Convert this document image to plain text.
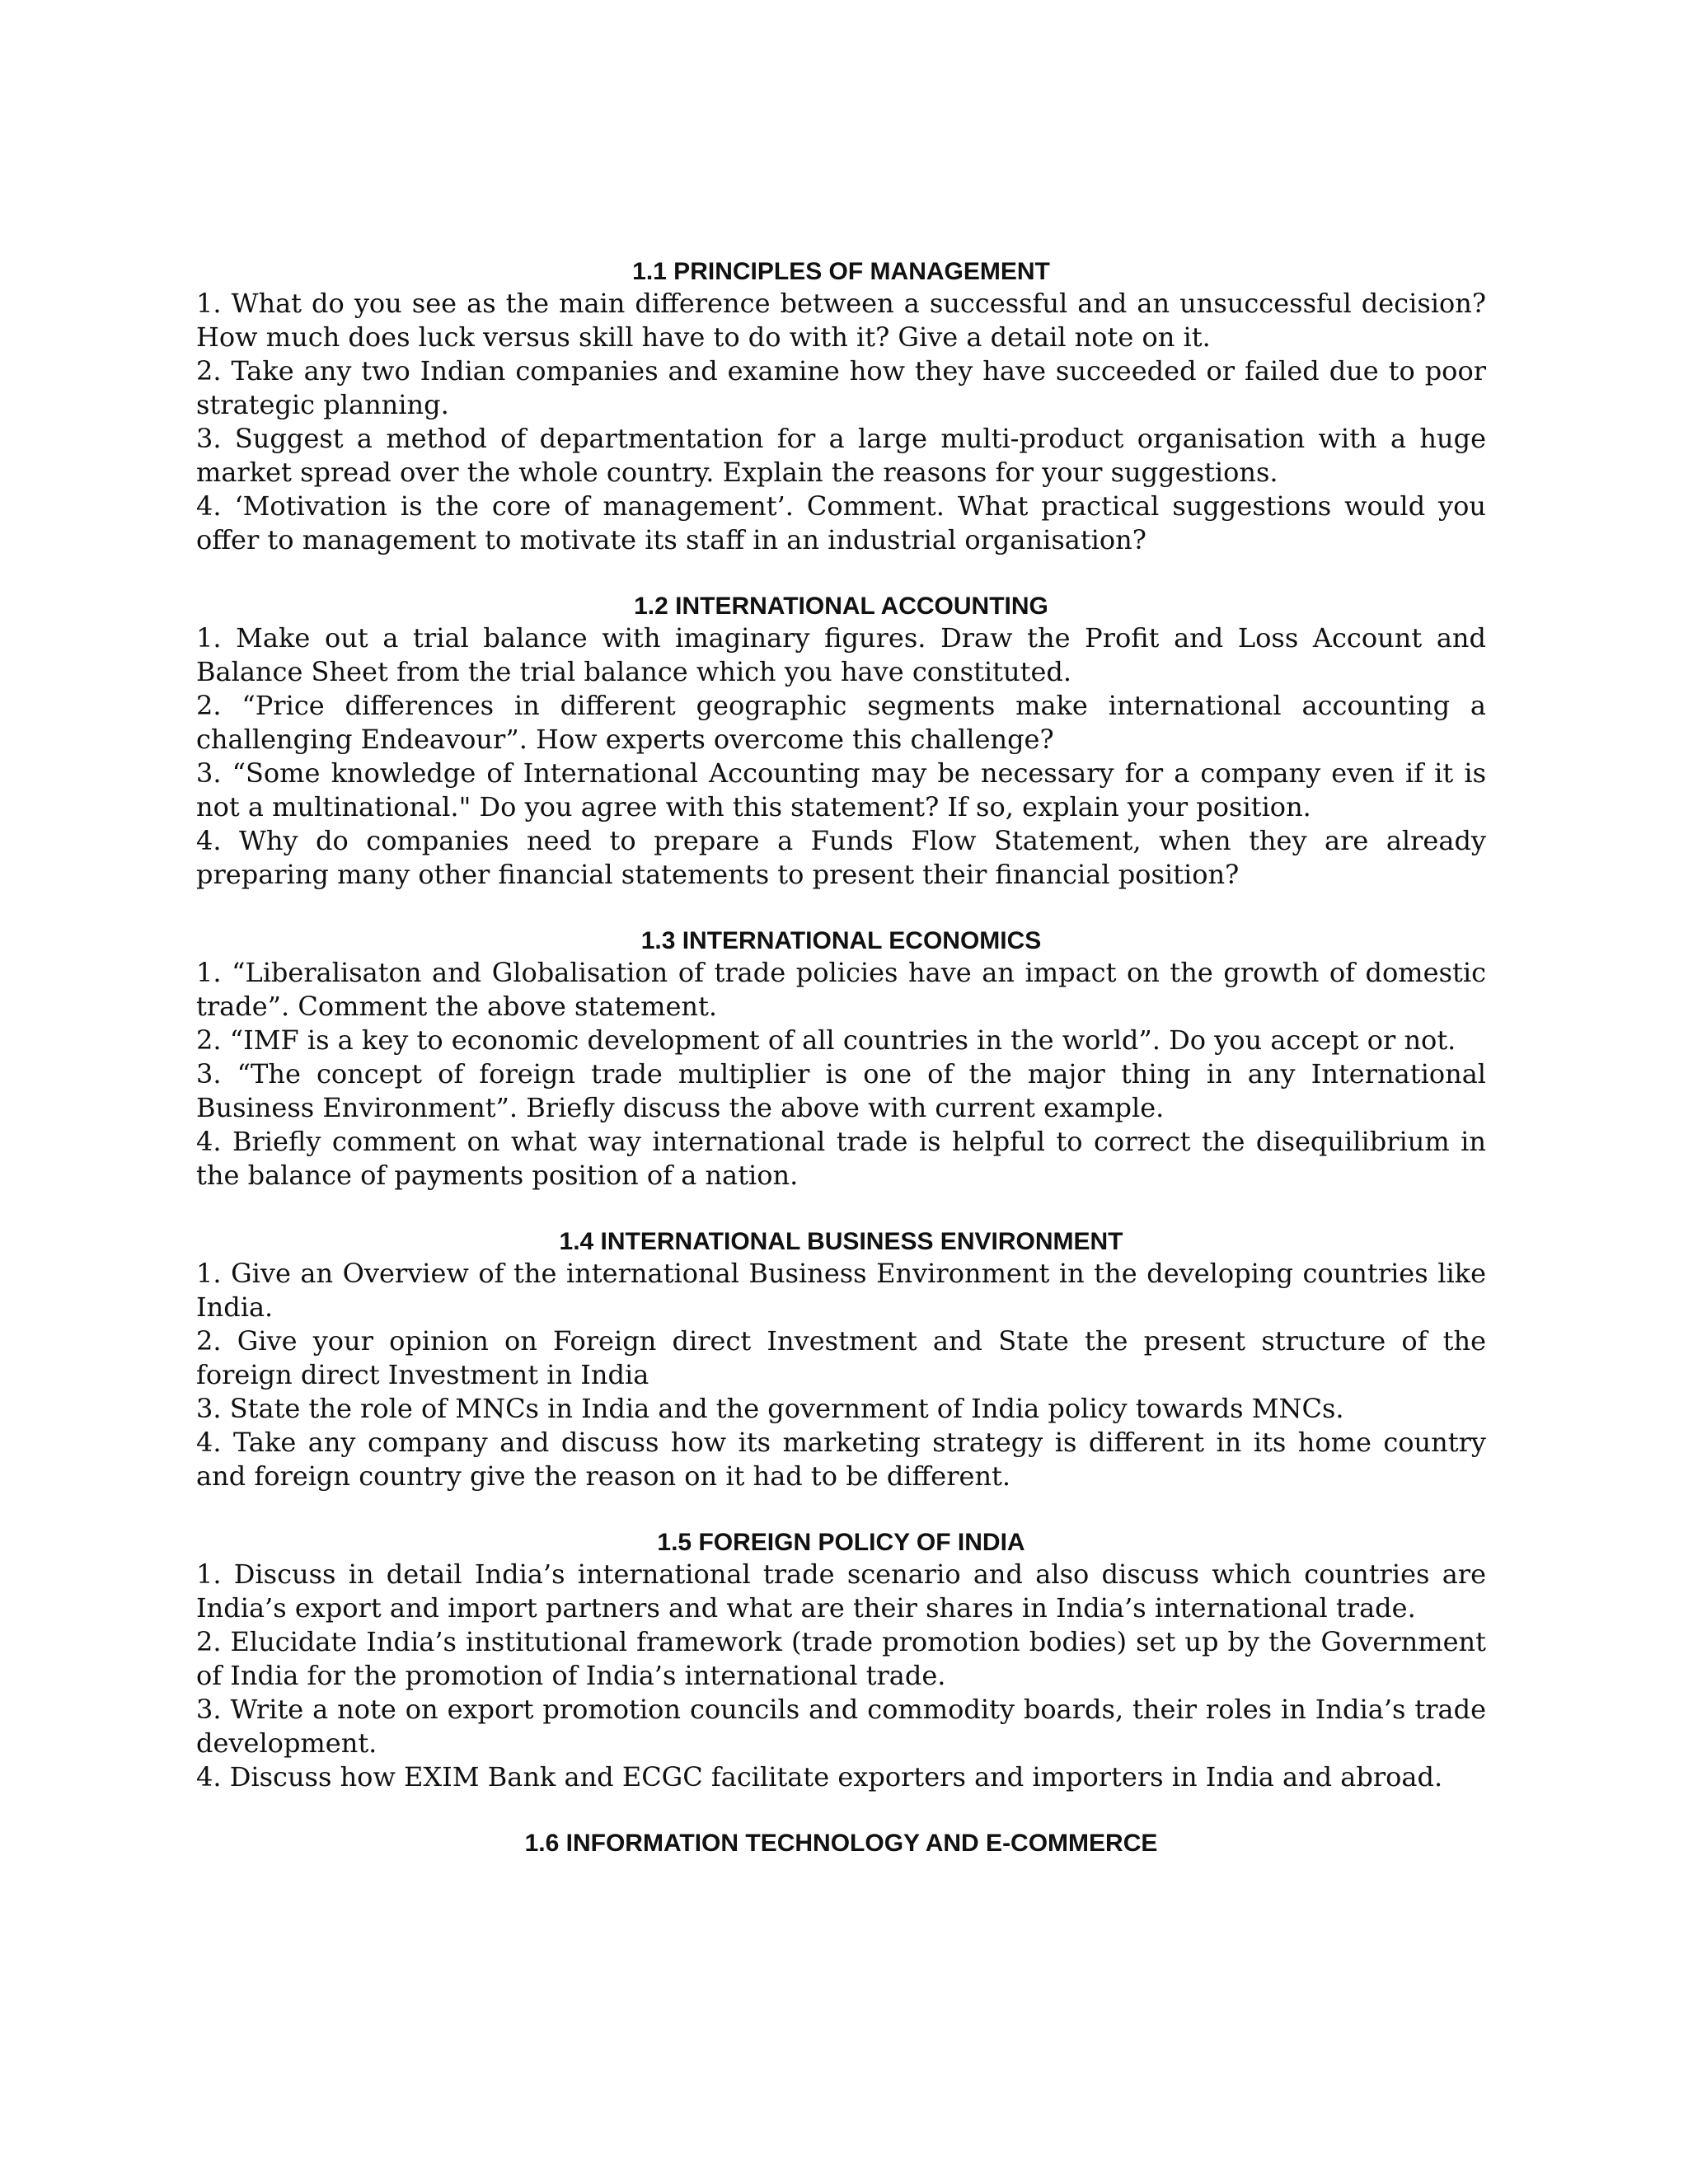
1.1 PRINCIPLES OF MANAGEMENT

1. What do you see as the main difference between a successful and an unsuccessful decision? How much does luck versus skill have to do with it? Give a detail note on it.

2. Take any two Indian companies and examine how they have succeeded or failed due to poor strategic planning.

3. Suggest a method of departmentation for a large multi-product organisation with a huge market spread over the whole country. Explain the reasons for your suggestions.

4. ‘Motivation is the core of management’. Comment. What practical suggestions would you offer to management to motivate its staff in an industrial organisation?

1.2 INTERNATIONAL ACCOUNTING

1. Make out a trial balance with imaginary figures. Draw the Profit and Loss Account and Balance Sheet from the trial balance which you have constituted.

2. “Price differences in different geographic segments make international accounting a challenging Endeavour”. How experts overcome this challenge?

3. “Some knowledge of International Accounting may be necessary for a company even if it is not a multinational." Do you agree with this statement? If so, explain your position.

4. Why do companies need to prepare a Funds Flow Statement, when they are already preparing many other financial statements to present their financial position?

1.3 INTERNATIONAL ECONOMICS

1. “Liberalisaton and Globalisation of trade policies have an impact on the growth of domestic trade”. Comment the above statement.

2. “IMF is a key to economic development of all countries in the world”. Do you accept or not.

3. “The concept of foreign trade multiplier is one of the major thing in any International Business Environment”. Briefly discuss the above with current example.

4. Briefly comment on what way international trade is helpful to correct the disequilibrium in the balance of payments position of a nation.

1.4 INTERNATIONAL BUSINESS ENVIRONMENT

1. Give an Overview of the international Business Environment in the developing countries like India.

2. Give your opinion on Foreign direct Investment and State the present structure of the foreign direct Investment in India

3. State the role of MNCs in India and the government of India policy towards MNCs.

4. Take any company and discuss how its marketing strategy is different in its home country and foreign country give the reason on it had to be different.

1.5 FOREIGN POLICY OF INDIA

1. Discuss in detail India’s international trade scenario and also discuss which countries are India’s export and import partners and what are their shares in India’s international trade.

2. Elucidate India’s institutional framework (trade promotion bodies) set up by the Government of India for the promotion of India’s international trade.

3. Write a note on export promotion councils and commodity boards, their roles in India’s trade development.

4. Discuss how EXIM Bank and ECGC facilitate exporters and importers in India and abroad.

1.6 INFORMATION TECHNOLOGY AND E-COMMERCE
